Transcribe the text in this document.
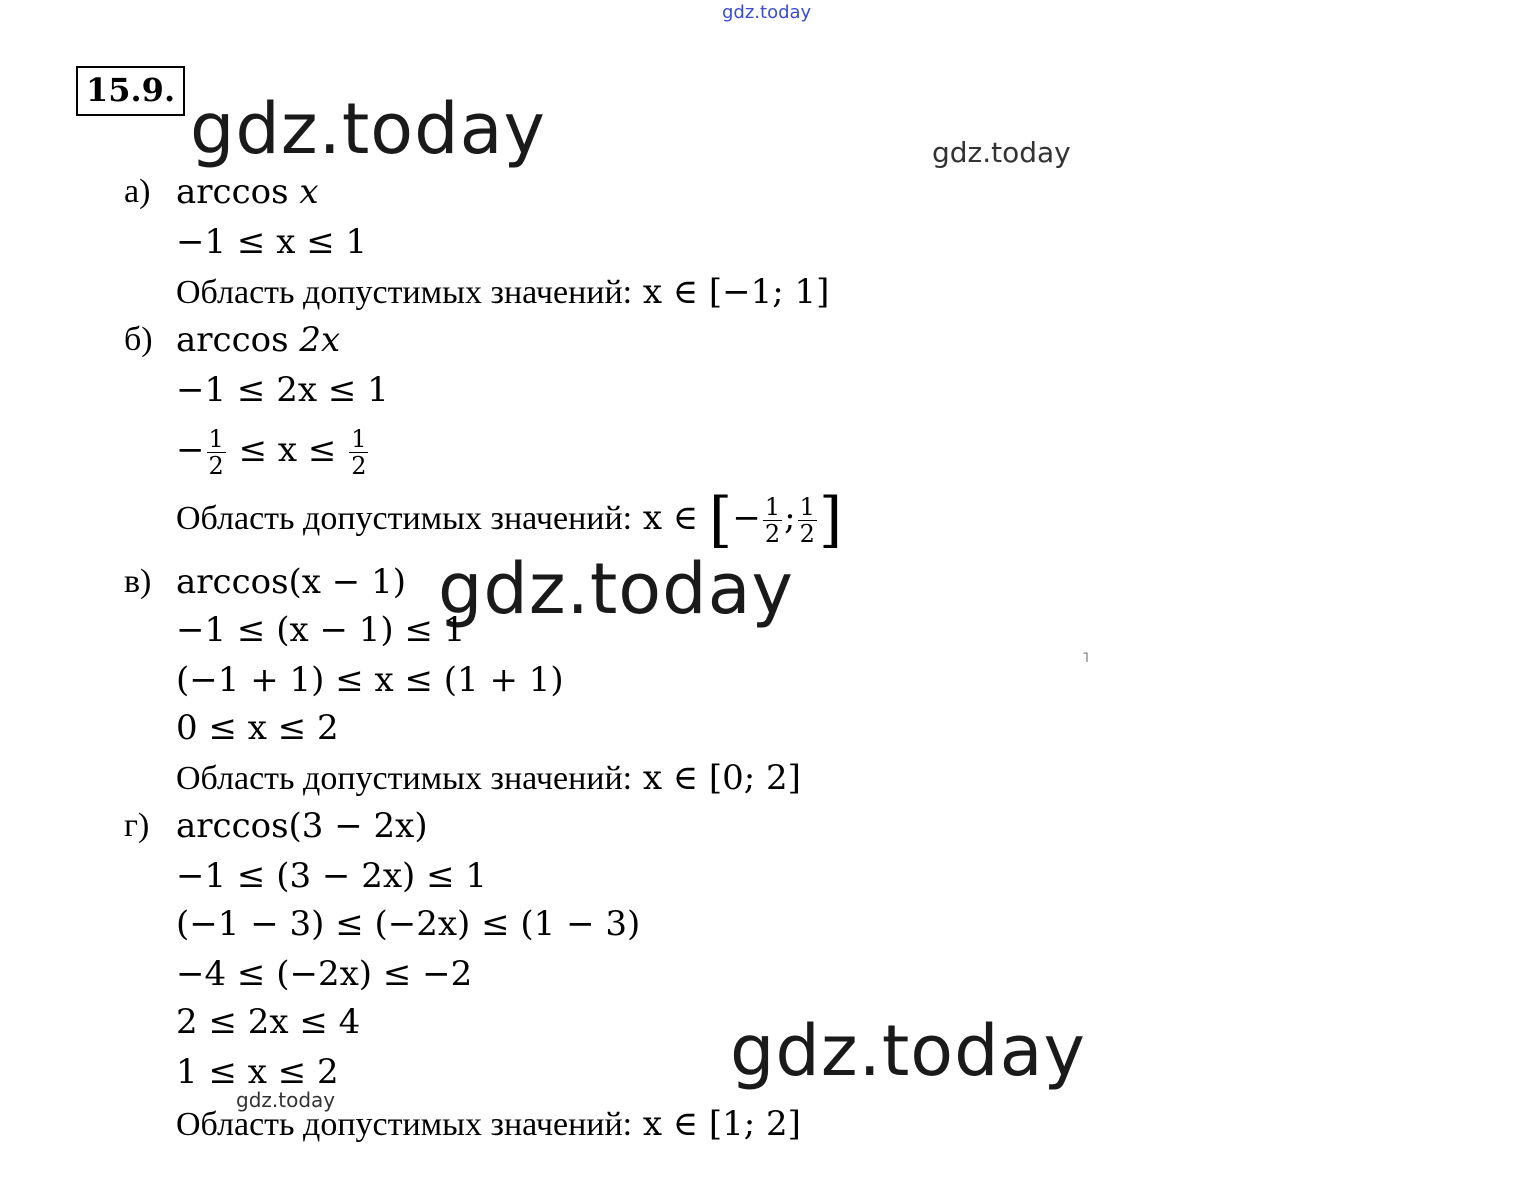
gdz.today
gdz.today	gdz.today
gdz.today
gdz.today
gdz.today
15.9.
а) arccos x
−1 ≤ x ≤ 1
Область допустимых значений: x ∈ [−1; 1]
б) arccos 2x
−1 ≤ 2x ≤ 1
− $\frac{1}{2} \le x \le \frac{1}{2}$
Область допустимых значений: x ∈ [− $\frac{1}{2}$ ; $\frac{1}{2}$ ]
в) arccos(x − 1)
−1 ≤ (x − 1) ≤ 1
(−1 + 1) ≤ x ≤ (1 + 1)
0 ≤ x ≤ 2
Область допустимых значений: x ∈ [0; 2]
г) arccos(3 − 2x)
−1 ≤ (3 − 2x) ≤ 1
(−1 − 3) ≤ (−2x) ≤ (1 − 3)
−4 ≤ (−2x) ≤ −2
2 ≤ 2x ≤ 4
1 ≤ x ≤ 2
Область допустимых значений: x ∈ [1; 2]
˥
